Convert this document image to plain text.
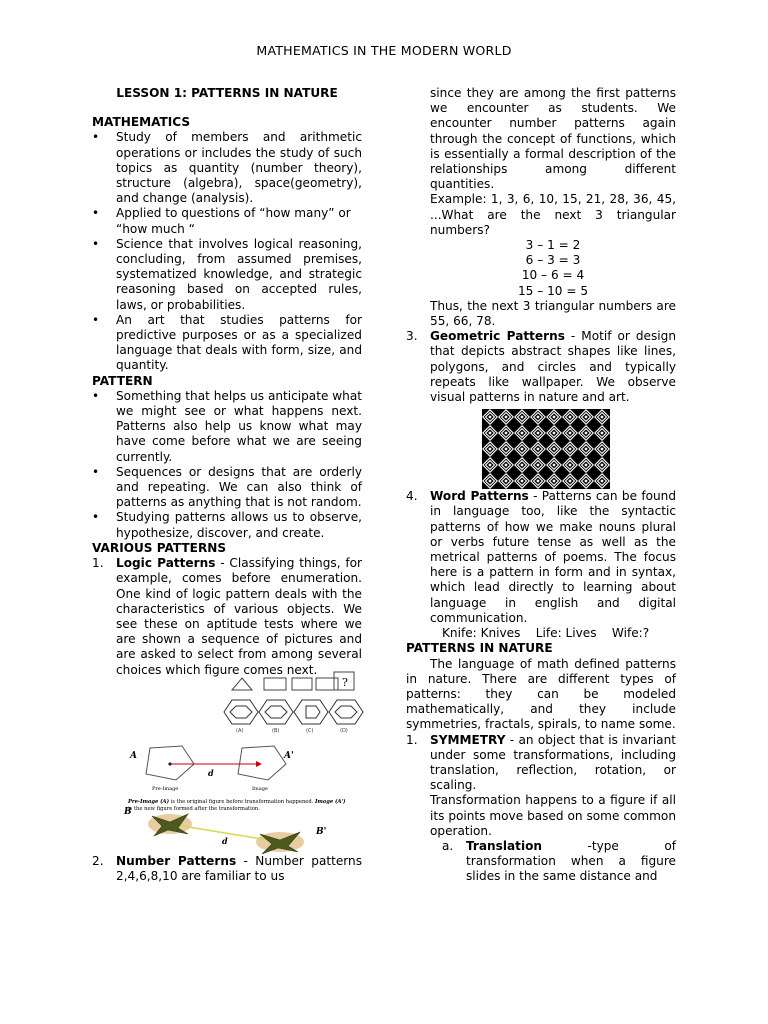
MATHEMATICS IN THE MODERN WORLD
LESSON 1: PATTERNS IN NATURE
MATHEMATICS
• Study of members and arithmetic operations or includes the study of such topics as quantity (number theory), structure (algebra), space(geometry), and change (analysis).
• Applied to questions of “how many” or “how much “
• Science that involves logical reasoning, concluding, from assumed premises, systematized knowledge, and strategic reasoning based on accepted rules, laws, or probabilities.
• An art that studies patterns for predictive purposes or as a specialized language that deals with form, size, and quantity.
PATTERN
• Something that helps us anticipate what we might see or what happens next. Patterns also help us know what may have come before what we are seeing currently.
• Sequences or designs that are orderly and repeating. We can also think of patterns as anything that is not random.
• Studying patterns allows us to observe, hypothesize, discover, and create.
VARIOUS PATTERNS
1. Logic Patterns - Classifying things, for example, comes before enumeration. One kind of logic pattern deals with the characteristics of various objects. We see these on aptitude tests where we are shown a sequence of pictures and are asked to select from among several choices which figure comes next.
?
(A)	(B)	(C)	(D)
A	A'
d
Pre-Image	Image
Pre-Image (A) is the original figure before transformation happened. Image (A')
is the new figure formed after the transformation.
B
B'
d
2. Number Patterns - Number patterns 2,4,6,8,10 are familiar to us
since they are among the first patterns we encounter as students. We encounter number patterns again through the concept of functions, which is essentially a formal description of the relationships among different quantities.
Example: 1, 3, 6, 10, 15, 21, 28, 36, 45, ...What are the next 3 triangular numbers?
3 – 1 = 2
6 – 3 = 3
10 – 6 = 4
15 – 10 = 5
Thus, the next 3 triangular numbers are 55, 66, 78.
3. Geometric Patterns - Motif or design that depicts abstract shapes like lines, polygons, and circles and typically repeats like wallpaper. We observe visual patterns in nature and art.
4. Word Patterns - Patterns can be found in language too, like the syntactic patterns of how we make nouns plural or verbs future tense as well as the metrical patterns of poems. The focus here is a pattern in form and in syntax, which lead directly to learning about language in english and digital communication.
Knife: Knives    Life: Lives    Wife:?
PATTERNS IN NATURE
The language of math defined patterns in nature. There are different types of patterns: they can be modeled mathematically, and they include symmetries, fractals, spirals, to name some.
1. SYMMETRY - an object that is invariant under some transformations, including translation, reflection, rotation, or scaling.
Transformation happens to a figure if all its points move based on some common operation.
a. Translation -type of transformation when a figure slides in the same distance and
